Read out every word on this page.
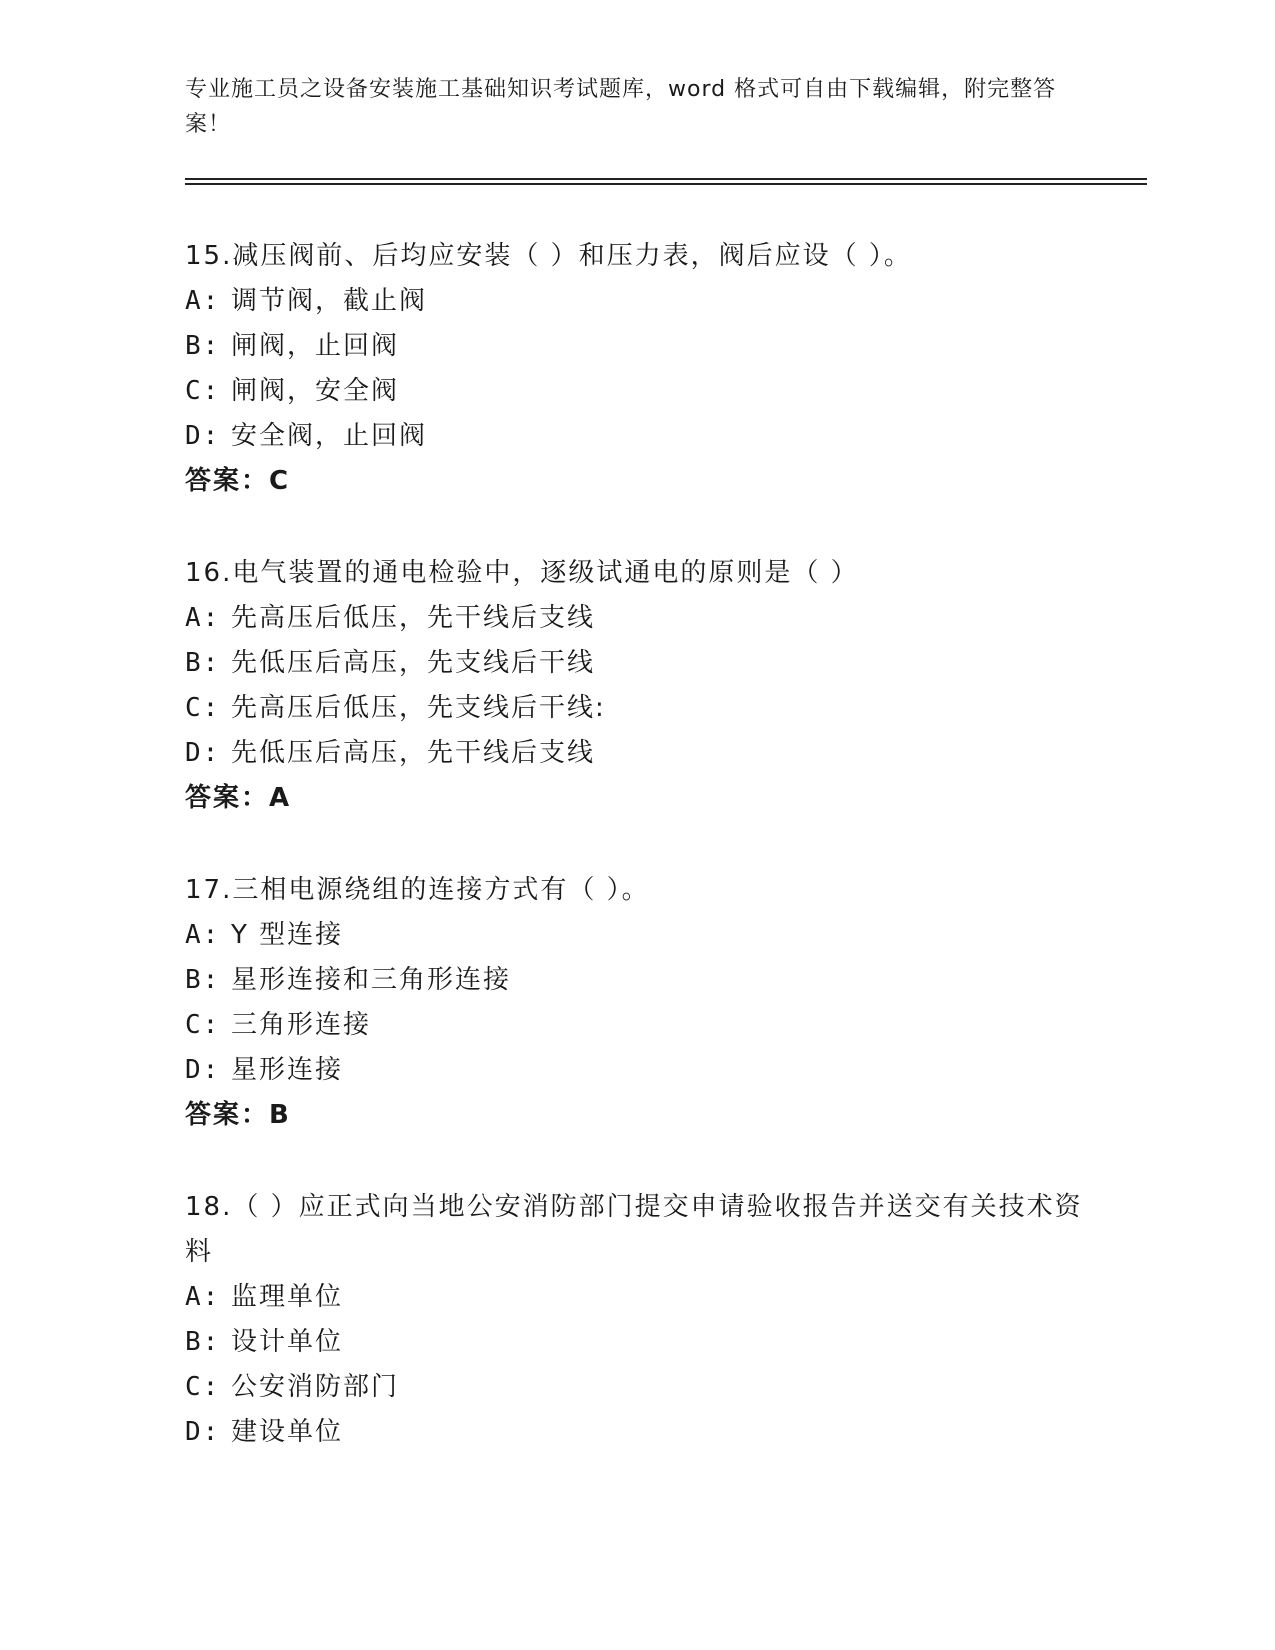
专业施工员之设备安装施工基础知识考试题库，word 格式可自由下载编辑，附完整答案！
15.减压阀前、后均应安装（ ）和压力表，阀后应设（ ）。
A: 调节阀，截止阀
B: 闸阀，止回阀
C: 闸阀，安全阀
D: 安全阀，止回阀
答案：C
16.电气装置的通电检验中，逐级试通电的原则是（ ）
A: 先高压后低压，先干线后支线
B: 先低压后高压，先支线后干线
C: 先高压后低压，先支线后干线:
D: 先低压后高压，先干线后支线
答案：A
17.三相电源绕组的连接方式有（ ）。
A: Y 型连接
B: 星形连接和三角形连接
C: 三角形连接
D: 星形连接
答案：B
18.（ ）应正式向当地公安消防部门提交申请验收报告并送交有关技术资料
A: 监理单位
B: 设计单位
C: 公安消防部门
D: 建设单位
